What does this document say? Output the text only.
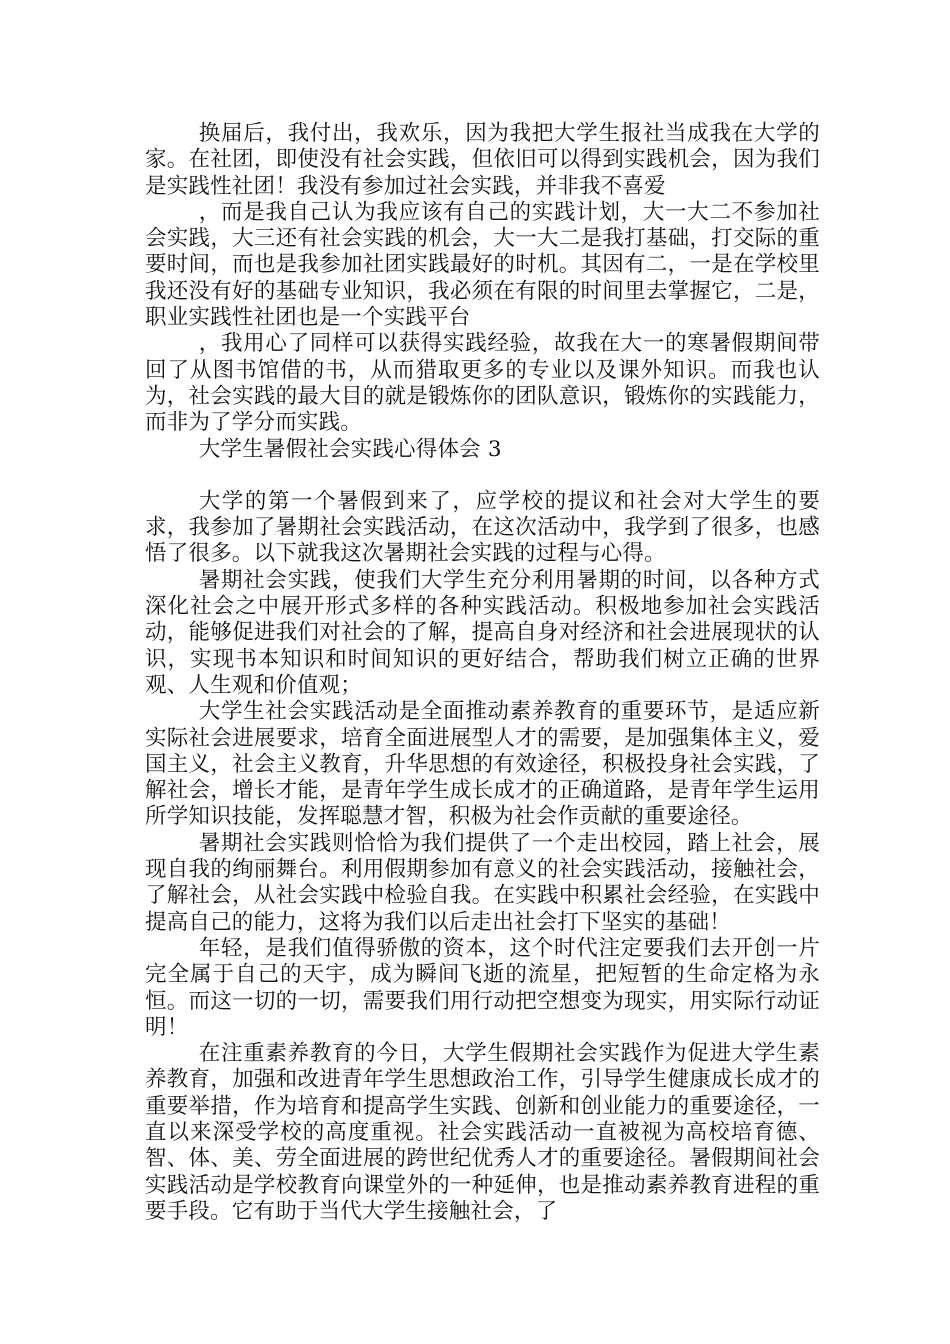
换届后，我付出，我欢乐，因为我把大学生报社当成我在大学的家。在社团，即使没有社会实践，但依旧可以得到实践机会，因为我们是实践性社团！我没有参加过社会实践，并非我不喜爱

，而是我自己认为我应该有自己的实践计划，大一大二不参加社会实践，大三还有社会实践的机会，大一大二是我打基础，打交际的重要时间，而也是我参加社团实践最好的时机。其因有二，一是在学校里我还没有好的基础专业知识，我必须在有限的时间里去掌握它，二是，职业实践性社团也是一个实践平台

，我用心了同样可以获得实践经验，故我在大一的寒暑假期间带回了从图书馆借的书，从而猎取更多的专业以及课外知识。而我也认为，社会实践的最大目的就是锻炼你的团队意识，锻炼你的实践能力，而非为了学分而实践。

大学生暑假社会实践心得体会 3

大学的第一个暑假到来了，应学校的提议和社会对大学生的要求，我参加了暑期社会实践活动，在这次活动中，我学到了很多，也感悟了很多。以下就我这次暑期社会实践的过程与心得。

暑期社会实践，使我们大学生充分利用暑期的时间，以各种方式深化社会之中展开形式多样的各种实践活动。积极地参加社会实践活动，能够促进我们对社会的了解，提高自身对经济和社会进展现状的认识，实现书本知识和时间知识的更好结合，帮助我们树立正确的世界观、人生观和价值观；

大学生社会实践活动是全面推动素养教育的重要环节，是适应新实际社会进展要求，培育全面进展型人才的需要，是加强集体主义，爱国主义，社会主义教育，升华思想的有效途径，积极投身社会实践，了解社会，增长才能，是青年学生成长成才的正确道路，是青年学生运用所学知识技能，发挥聪慧才智，积极为社会作贡献的重要途径。

暑期社会实践则恰恰为我们提供了一个走出校园，踏上社会，展现自我的绚丽舞台。利用假期参加有意义的社会实践活动，接触社会，了解社会，从社会实践中检验自我。在实践中积累社会经验，在实践中提高自己的能力，这将为我们以后走出社会打下坚实的基础！

年轻，是我们值得骄傲的资本，这个时代注定要我们去开创一片完全属于自己的天宇，成为瞬间飞逝的流星，把短暂的生命定格为永恒。而这一切的一切，需要我们用行动把空想变为现实，用实际行动证明！

在注重素养教育的今日，大学生假期社会实践作为促进大学生素养教育，加强和改进青年学生思想政治工作，引导学生健康成长成才的重要举措，作为培育和提高学生实践、创新和创业能力的重要途径，一直以来深受学校的高度重视。社会实践活动一直被视为高校培育德、智、体、美、劳全面进展的跨世纪优秀人才的重要途径。暑假期间社会实践活动是学校教育向课堂外的一种延伸，也是推动素养教育进程的重要手段。它有助于当代大学生接触社会，了
